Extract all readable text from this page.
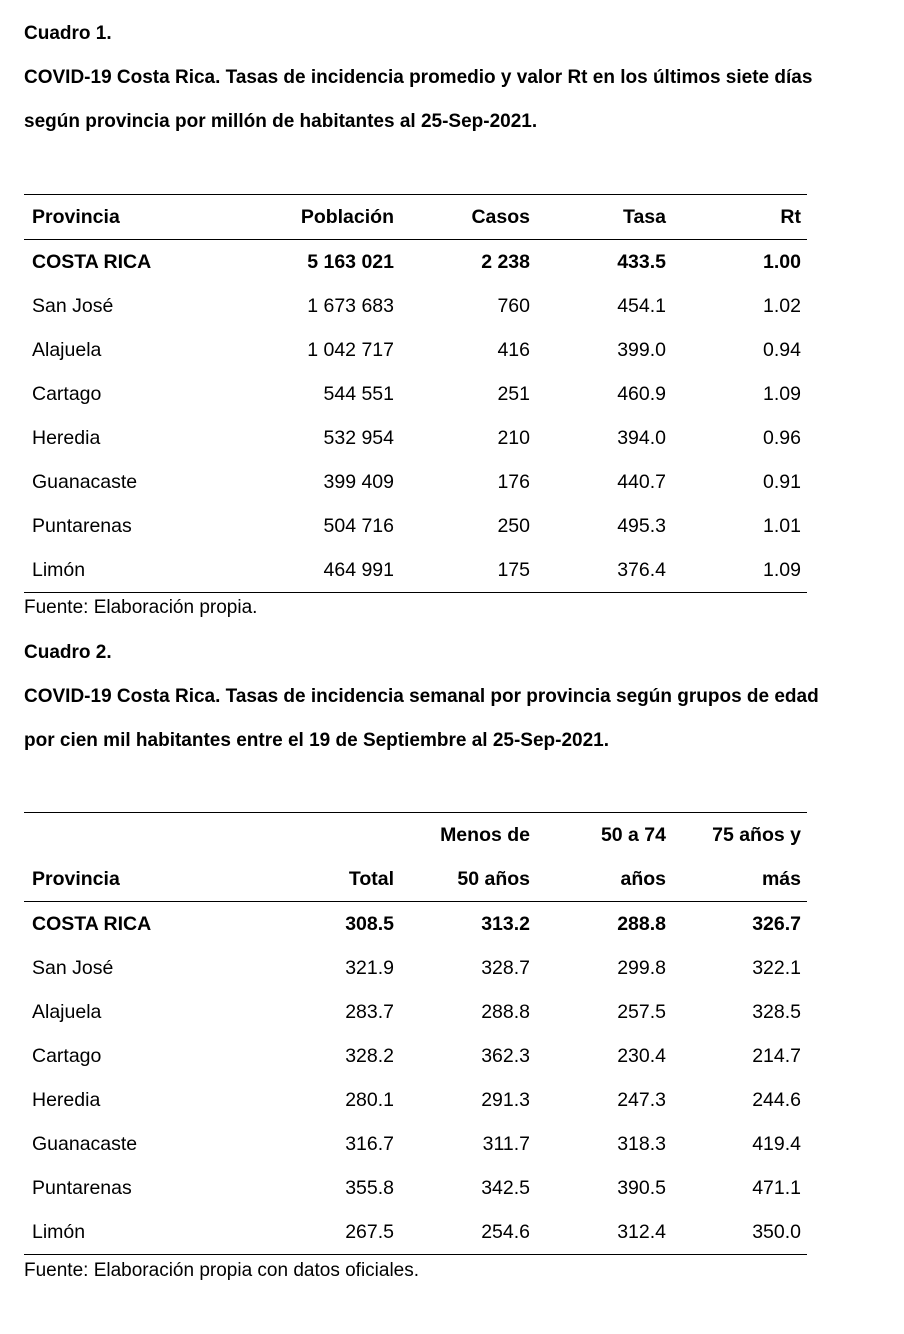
Cuadro 1.

COVID-19 Costa Rica. Tasas de incidencia promedio y valor Rt en los últimos siete días

según provincia por millón de habitantes al 25-Sep-2021.

Provincia	Población	Casos	Tasa	Rt
COSTA RICA	5 163 021	2 238	433.5	1.00
San José	1 673 683	760	454.1	1.02
Alajuela	1 042 717	416	399.0	0.94
Cartago	544 551	251	460.9	1.09
Heredia	532 954	210	394.0	0.96
Guanacaste	399 409	176	440.7	0.91
Puntarenas	504 716	250	495.3	1.01
Limón	464 991	175	376.4	1.09

Fuente: Elaboración propia.

Cuadro 2.

COVID-19 Costa Rica. Tasas de incidencia semanal por provincia según grupos de edad

por cien mil habitantes entre el 19 de Septiembre al 25-Sep-2021.

		Menos de	50 a 74	75 años y
Provincia	Total	50 años	años	más
COSTA RICA	308.5	313.2	288.8	326.7
San José	321.9	328.7	299.8	322.1
Alajuela	283.7	288.8	257.5	328.5
Cartago	328.2	362.3	230.4	214.7
Heredia	280.1	291.3	247.3	244.6
Guanacaste	316.7	311.7	318.3	419.4
Puntarenas	355.8	342.5	390.5	471.1
Limón	267.5	254.6	312.4	350.0

Fuente: Elaboración propia con datos oficiales.
